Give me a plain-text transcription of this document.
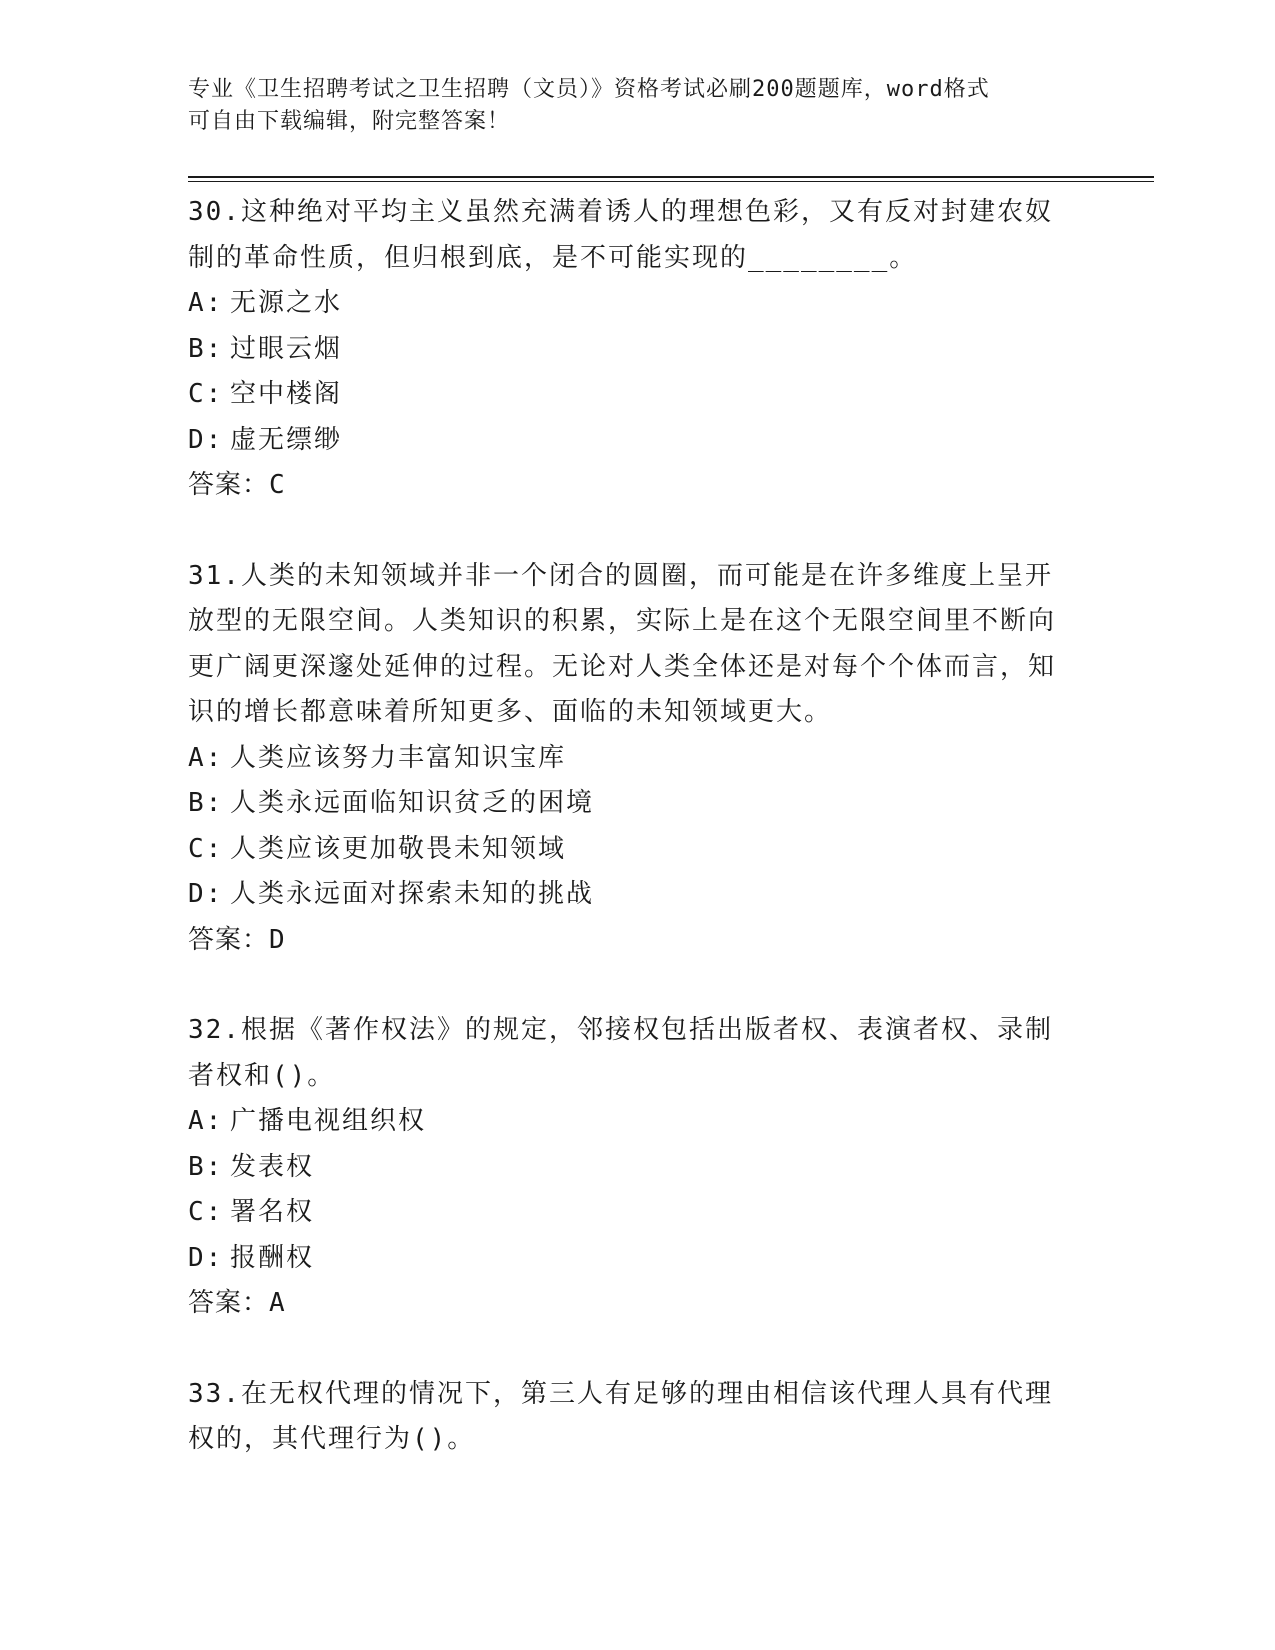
专业《卫生招聘考试之卫生招聘（文员）》资格考试必刷200题题库，word格式
可自由下载编辑，附完整答案！

30.这种绝对平均主义虽然充满着诱人的理想色彩，又有反对封建农奴制的革命性质，但归根到底，是不可能实现的________。

A: 无源之水

B: 过眼云烟

C: 空中楼阁

D: 虚无缥缈

答案：C

31.人类的未知领域并非一个闭合的圆圈，而可能是在许多维度上呈开放型的无限空间。人类知识的积累，实际上是在这个无限空间里不断向更广阔更深邃处延伸的过程。无论对人类全体还是对每个个体而言，知识的增长都意味着所知更多、面临的未知领域更大。

A: 人类应该努力丰富知识宝库

B: 人类永远面临知识贫乏的困境

C: 人类应该更加敬畏未知领域

D: 人类永远面对探索未知的挑战

答案：D

32.根据《著作权法》的规定，邻接权包括出版者权、表演者权、录制者权和()。

A: 广播电视组织权

B: 发表权

C: 署名权

D: 报酬权

答案：A

33.在无权代理的情况下，第三人有足够的理由相信该代理人具有代理权的，其代理行为()。
